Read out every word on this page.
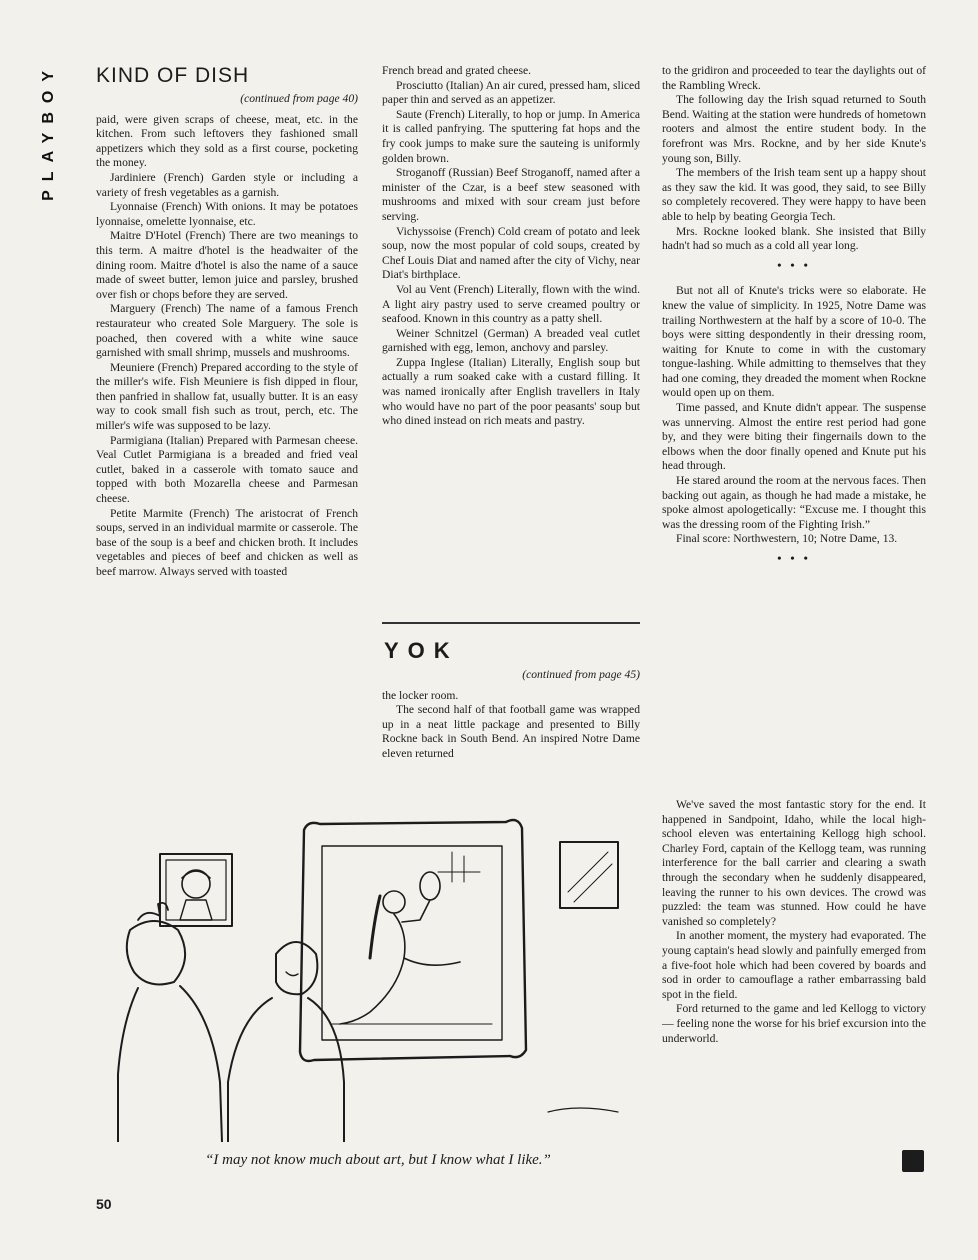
PLAYBOY KIND OF DISH
(continued from page 40)

paid, were given scraps of cheese, meat, etc. in the kitchen. From such leftovers they fashioned small appetizers which they sold as a first course, pocketing the money.

Jardiniere (French) Garden style or including a variety of fresh vegetables as a garnish.

Lyonnaise (French) With onions. It may be potatoes lyonnaise, omelette lyonnaise, etc.

Maitre D'Hotel (French) There are two meanings to this term. A maitre d'hotel is the headwaiter of the dining room. Maitre d'hotel is also the name of a sauce made of sweet butter, lemon juice and parsley, brushed over fish or chops before they are served.

Marguery (French) The name of a famous French restaurateur who created Sole Marguery. The sole is poached, then covered with a white wine sauce garnished with small shrimp, mussels and mushrooms.

Meuniere (French) Prepared according to the style of the miller's wife. Fish Meuniere is fish dipped in flour, then panfried in shallow fat, usually butter. It is an easy way to cook small fish such as trout, perch, etc. The miller's wife was supposed to be lazy.

Parmigiana (Italian) Prepared with Parmesan cheese. Veal Cutlet Parmigiana is a breaded and fried veal cutlet, baked in a casserole with tomato sauce and topped with both Mozarella cheese and Parmesan cheese.

Petite Marmite (French) The aristocrat of French soups, served in an individual marmite or casserole. The base of the soup is a beef and chicken broth. It includes vegetables and pieces of beef and chicken as well as beef marrow. Always served with toasted

French bread and grated cheese.

Prosciutto (Italian) An air cured, pressed ham, sliced paper thin and served as an appetizer.

Saute (French) Literally, to hop or jump. In America it is called panfrying. The sputtering fat hops and the fry cook jumps to make sure the sauteing is uniformly golden brown.

Stroganoff (Russian) Beef Stroganoff, named after a minister of the Czar, is a beef stew seasoned with mushrooms and mixed with sour cream just before serving.

Vichyssoise (French) Cold cream of potato and leek soup, now the most popular of cold soups, created by Chef Louis Diat and named after the city of Vichy, near Diat's birthplace.

Vol au Vent (French) Literally, flown with the wind. A light airy pastry used to serve creamed poultry or seafood. Known in this country as a patty shell.

Weiner Schnitzel (German) A breaded veal cutlet garnished with egg, lemon, anchovy and parsley.

Zuppa Inglese (Italian) Literally, English soup but actually a rum soaked cake with a custard filling. It was named ironically after English travellers in Italy who would have no part of the poor peasants' soup but who dined instead on rich meats and pastry.

YOK
(continued from page 45)

the locker room.

The second half of that football game was wrapped up in a neat little package and presented to Billy Rockne back in South Bend. An inspired Notre Dame eleven returned

to the gridiron and proceeded to tear the daylights out of the Rambling Wreck.

The following day the Irish squad returned to South Bend. Waiting at the station were hundreds of hometown rooters and almost the entire student body. In the forefront was Mrs. Rockne, and by her side Knute's young son, Billy.

The members of the Irish team sent up a happy shout as they saw the kid. It was good, they said, to see Billy so completely recovered. They were happy to have been able to help by beating Georgia Tech.

Mrs. Rockne looked blank. She insisted that Billy hadn't had so much as a cold all year long.

• • •

But not all of Knute's tricks were so elaborate. He knew the value of simplicity. In 1925, Notre Dame was trailing Northwestern at the half by a score of 10-0. The boys were sitting despondently in their dressing room, waiting for Knute to come in with the customary tongue-lashing. While admitting to themselves that they had one coming, they dreaded the moment when Rockne would open up on them.

Time passed, and Knute didn't appear. The suspense was unnerving. Almost the entire rest period had gone by, and they were biting their fingernails down to the elbows when the door finally opened and Knute put his head through.

He stared around the room at the nervous faces. Then backing out again, as though he had made a mistake, he spoke almost apologetically: “Excuse me. I thought this was the dressing room of the Fighting Irish.”

Final score: Northwestern, 10; Notre Dame, 13.

• • •

We've saved the most fantastic story for the end. It happened in Sandpoint, Idaho, while the local high-school eleven was entertaining Kellogg high school. Charley Ford, captain of the Kellogg team, was running interference for the ball carrier and clearing a swath through the secondary when he suddenly disappeared, leaving the runner to his own devices. The crowd was puzzled: the team was stunned. How could he have vanished so completely?

In another moment, the mystery had evaporated. The young captain's head slowly and painfully emerged from a five-foot hole which had been covered by boards and sod in order to camouflage a rather embarrassing bald spot in the field.

Ford returned to the game and led Kellogg to victory — feeling none the worse for his brief excursion into the underworld.

“I may not know much about art, but I know what I like.”
50
